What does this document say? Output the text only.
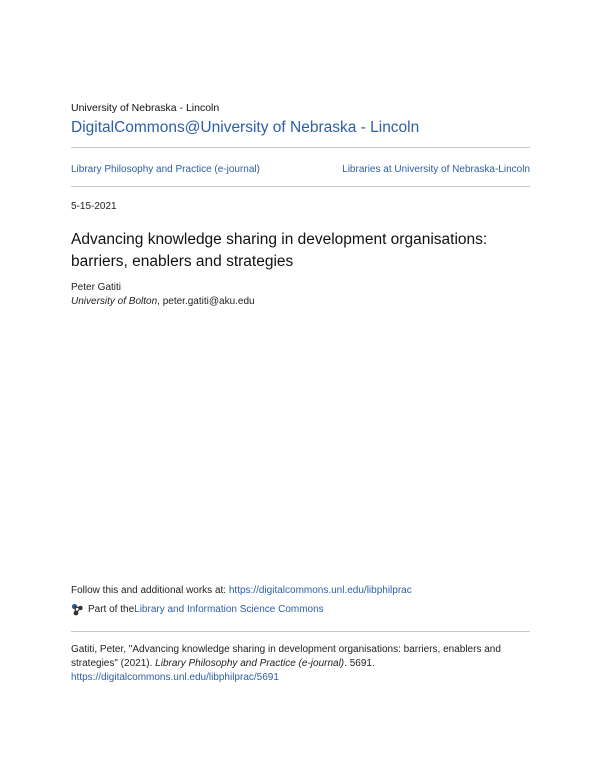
University of Nebraska - Lincoln
DigitalCommons@University of Nebraska - Lincoln
Library Philosophy and Practice (e-journal)	Libraries at University of Nebraska-Lincoln
5-15-2021
Advancing knowledge sharing in development organisations: barriers, enablers and strategies
Peter Gatiti
University of Bolton, peter.gatiti@aku.edu
Follow this and additional works at: https://digitalcommons.unl.edu/libphilprac
Part of the Library and Information Science Commons
Gatiti, Peter, "Advancing knowledge sharing in development organisations: barriers, enablers and strategies" (2021). Library Philosophy and Practice (e-journal). 5691.
https://digitalcommons.unl.edu/libphilprac/5691
